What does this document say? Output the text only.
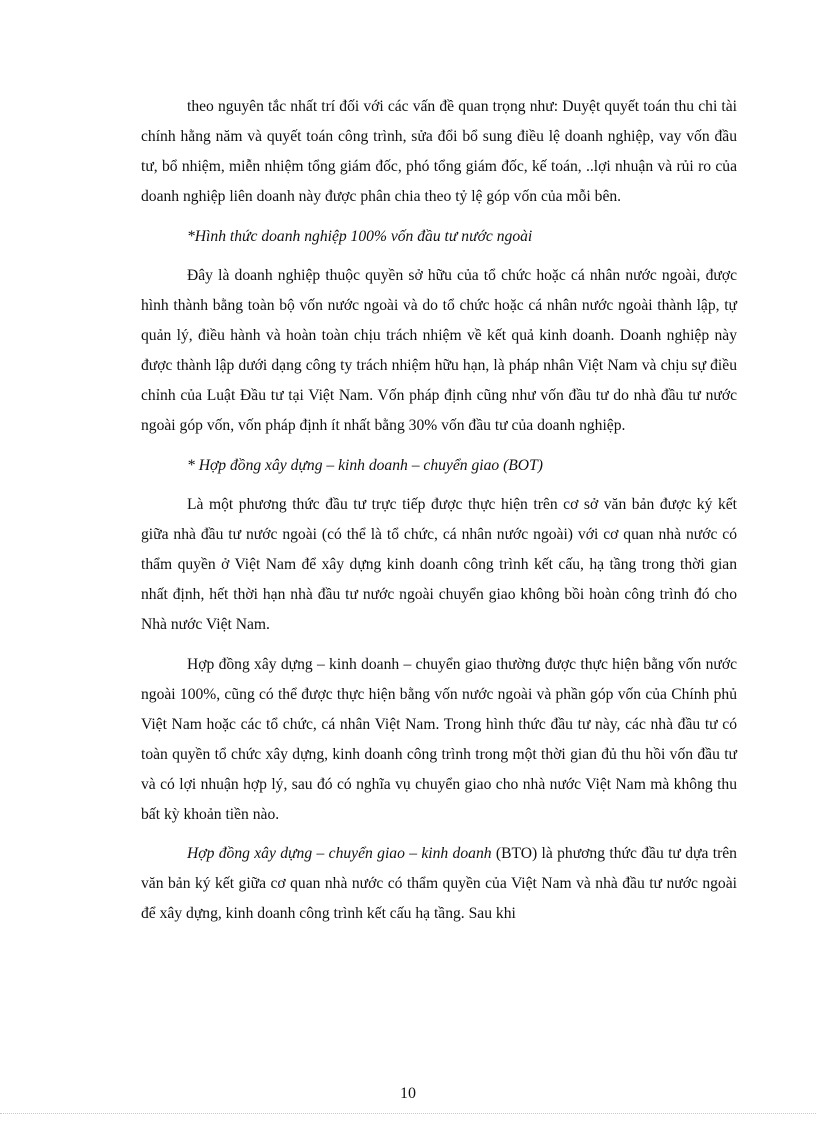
theo nguyên tắc nhất trí đối với các vấn đề quan trọng như: Duyệt quyết toán thu chi tài chính hằng năm và quyết toán công trình, sửa đổi bổ sung điều lệ doanh nghiệp, vay vốn đầu tư, bổ nhiệm, miễn nhiệm tổng giám đốc, phó tổng giám đốc, kế toán, ..lợi nhuận và rủi ro của doanh nghiệp liên doanh này được phân chia theo tỷ lệ góp vốn của mỗi bên.

*Hình thức doanh nghiệp 100% vốn đầu tư nước ngoài

Đây là doanh nghiệp thuộc quyền sở hữu của tổ chức hoặc cá nhân nước ngoài, được hình thành bằng toàn bộ vốn nước ngoài và do tổ chức hoặc cá nhân nước ngoài thành lập, tự quản lý, điều hành và hoàn toàn chịu trách nhiệm về kết quả kinh doanh. Doanh nghiệp này được thành lập dưới dạng công ty trách nhiệm hữu hạn, là pháp nhân Việt Nam và chịu sự điều chỉnh của Luật Đầu tư tại Việt Nam. Vốn pháp định cũng như vốn đầu tư do nhà đầu tư nước ngoài góp vốn, vốn pháp định ít nhất bằng 30% vốn đầu tư của doanh nghiệp.

* Hợp đồng xây dựng – kinh doanh – chuyển giao (BOT)

Là một phương thức đầu tư trực tiếp được thực hiện trên cơ sở văn bản được ký kết giữa nhà đầu tư nước ngoài (có thể là tổ chức, cá nhân nước ngoài) với cơ quan nhà nước có thẩm quyền ở Việt Nam để xây dựng kinh doanh công trình kết cấu, hạ tầng trong thời gian nhất định, hết thời hạn nhà đầu tư nước ngoài chuyển giao không bồi hoàn công trình đó cho Nhà nước Việt Nam.

Hợp đồng xây dựng – kinh doanh – chuyển giao thường được thực hiện bằng vốn nước ngoài 100%, cũng có thể được thực hiện bằng vốn nước ngoài và phần góp vốn của Chính phủ Việt Nam hoặc các tổ chức, cá nhân Việt Nam. Trong hình thức đầu tư này, các nhà đầu tư có toàn quyền tổ chức xây dựng, kinh doanh công trình trong một thời gian đủ thu hồi vốn đầu tư và có lợi nhuận hợp lý, sau đó có nghĩa vụ chuyển giao cho nhà nước Việt Nam mà không thu bất kỳ khoản tiền nào.

Hợp đồng xây dựng – chuyển giao – kinh doanh (BTO) là phương thức đầu tư dựa trên văn bản ký kết giữa cơ quan nhà nước có thẩm quyền của Việt Nam và nhà đầu tư nước ngoài để xây dựng, kinh doanh công trình kết cấu hạ tầng. Sau khi

10
